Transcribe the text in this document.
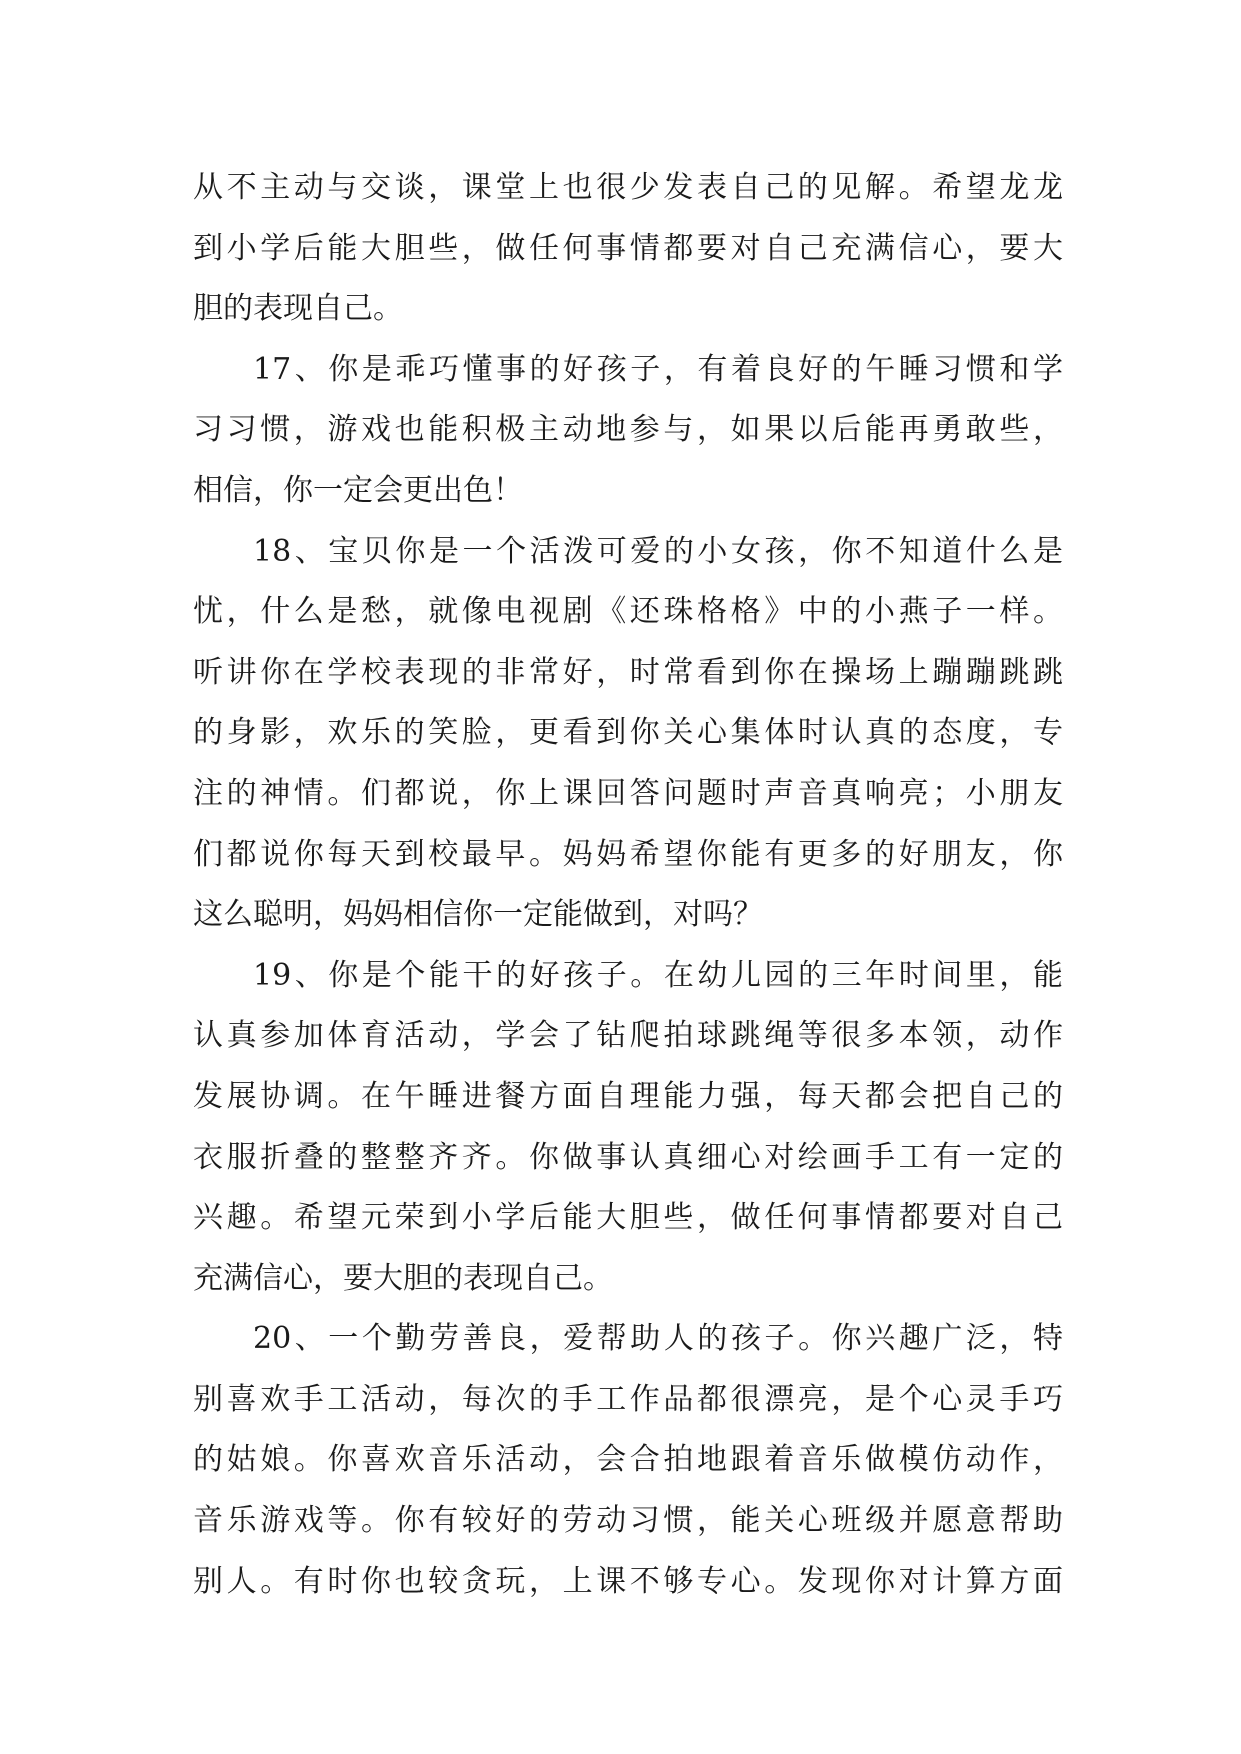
从不主动与交谈，课堂上也很少发表自己的见解。希望龙龙
到小学后能大胆些，做任何事情都要对自己充满信心，要大
胆的表现自己。
17、你是乖巧懂事的好孩子，有着良好的午睡习惯和学
习习惯，游戏也能积极主动地参与，如果以后能再勇敢些，
相信，你一定会更出色！
18、宝贝你是一个活泼可爱的小女孩，你不知道什么是
忧，什么是愁，就像电视剧《还珠格格》中的小燕子一样。
听讲你在学校表现的非常好，时常看到你在操场上蹦蹦跳跳
的身影，欢乐的笑脸，更看到你关心集体时认真的态度，专
注的神情。们都说，你上课回答问题时声音真响亮；小朋友
们都说你每天到校最早。妈妈希望你能有更多的好朋友，你
这么聪明，妈妈相信你一定能做到，对吗？
19、你是个能干的好孩子。在幼儿园的三年时间里，能
认真参加体育活动，学会了钻爬拍球跳绳等很多本领，动作
发展协调。在午睡进餐方面自理能力强，每天都会把自己的
衣服折叠的整整齐齐。你做事认真细心对绘画手工有一定的
兴趣。希望元荣到小学后能大胆些，做任何事情都要对自己
充满信心，要大胆的表现自己。
20、一个勤劳善良，爱帮助人的孩子。你兴趣广泛，特
别喜欢手工活动，每次的手工作品都很漂亮，是个心灵手巧
的姑娘。你喜欢音乐活动，会合拍地跟着音乐做模仿动作，
音乐游戏等。你有较好的劳动习惯，能关心班级并愿意帮助
别人。有时你也较贪玩，上课不够专心。发现你对计算方面
